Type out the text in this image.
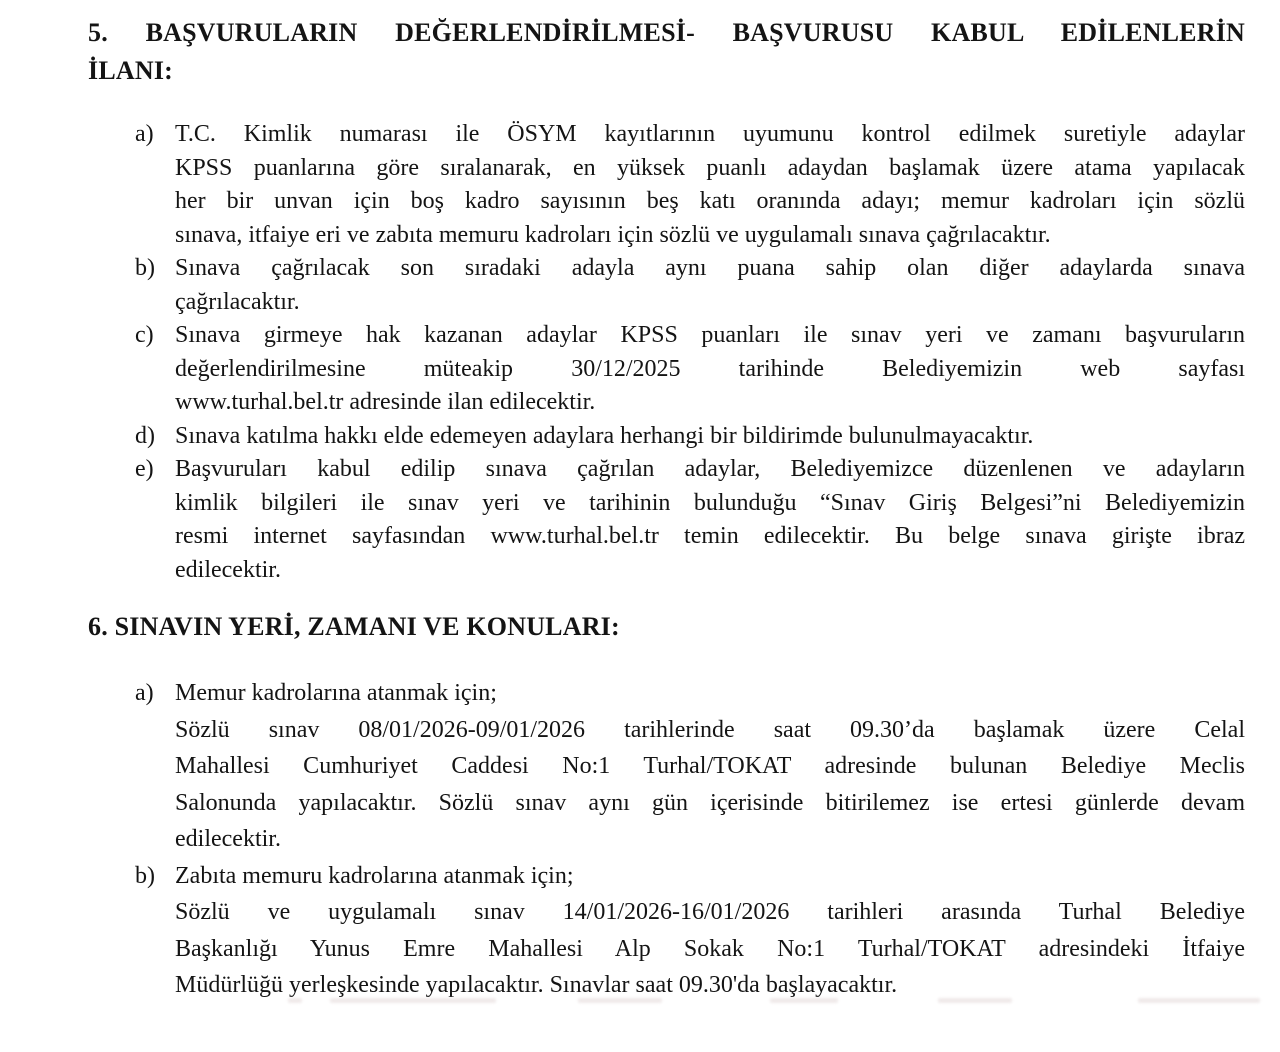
5. BAŞVURULARIN DEĞERLENDİRİLMESİ- BAŞVURUSU KABUL EDİLENLERİN
İLANI:
a) T.C. Kimlik numarası ile ÖSYM kayıtlarının uyumunu kontrol edilmek suretiyle adaylar
KPSS puanlarına göre sıralanarak, en yüksek puanlı adaydan başlamak üzere atama yapılacak
her bir unvan için boş kadro sayısının beş katı oranında adayı; memur kadroları için sözlü
sınava, itfaiye eri ve zabıta memuru kadroları için sözlü ve uygulamalı sınava çağrılacaktır.
b) Sınava çağrılacak son sıradaki adayla aynı puana sahip olan diğer adaylarda sınava
çağrılacaktır.
c) Sınava girmeye hak kazanan adaylar KPSS puanları ile sınav yeri ve zamanı başvuruların
değerlendirilmesine müteakip 30/12/2025 tarihinde Belediyemizin web sayfası
www.turhal.bel.tr adresinde ilan edilecektir.
d) Sınava katılma hakkı elde edemeyen adaylara herhangi bir bildirimde bulunulmayacaktır.
e) Başvuruları kabul edilip sınava çağrılan adaylar, Belediyemizce düzenlenen ve adayların
kimlik bilgileri ile sınav yeri ve tarihinin bulunduğu “Sınav Giriş Belgesi”ni Belediyemizin
resmi internet sayfasından www.turhal.bel.tr temin edilecektir. Bu belge sınava girişte ibraz
edilecektir.
6. SINAVIN YERİ, ZAMANI VE KONULARI:
a) Memur kadrolarına atanmak için;
Sözlü sınav 08/01/2026-09/01/2026 tarihlerinde saat 09.30’da başlamak üzere Celal
Mahallesi Cumhuriyet Caddesi No:1 Turhal/TOKAT adresinde bulunan Belediye Meclis
Salonunda yapılacaktır. Sözlü sınav aynı gün içerisinde bitirilemez ise ertesi günlerde devam
edilecektir.
b) Zabıta memuru kadrolarına atanmak için;
Sözlü ve uygulamalı sınav 14/01/2026-16/01/2026 tarihleri arasında Turhal Belediye
Başkanlığı Yunus Emre Mahallesi Alp Sokak No:1 Turhal/TOKAT adresindeki İtfaiye
Müdürlüğü yerleşkesinde yapılacaktır. Sınavlar saat 09.30'da başlayacaktır.
